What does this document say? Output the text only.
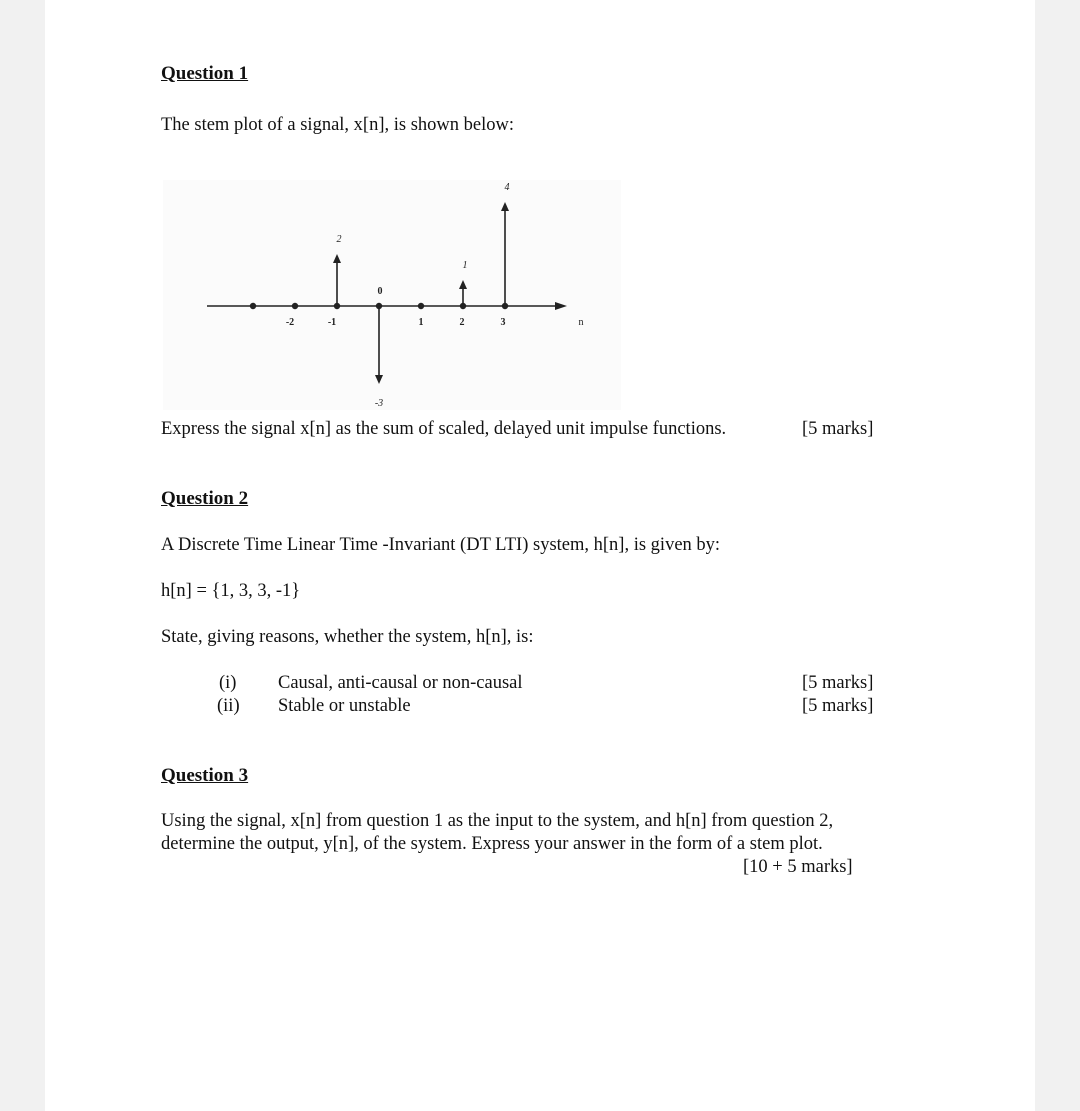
Question 1
The stem plot of a signal, x[n], is shown below:
n
-2
2
-1
-3
0
1
1
2
4
3
Express the signal x[n] as the sum of scaled, delayed unit impulse functions.	[5 marks]
Question 2
A Discrete Time Linear Time -Invariant (DT LTI) system, h[n], is given by:
h[n] = {1, 3, 3, -1}
State, giving reasons, whether the system, h[n], is:
(i) Causal, anti-causal or non-causal	[5 marks]
(ii) Stable or unstable	[5 marks]
Question 3
Using the signal, x[n] from question 1 as the input to the system, and h[n] from question 2,
determine the output, y[n], of the system. Express your answer in the form of a stem plot.
[10 + 5 marks]
